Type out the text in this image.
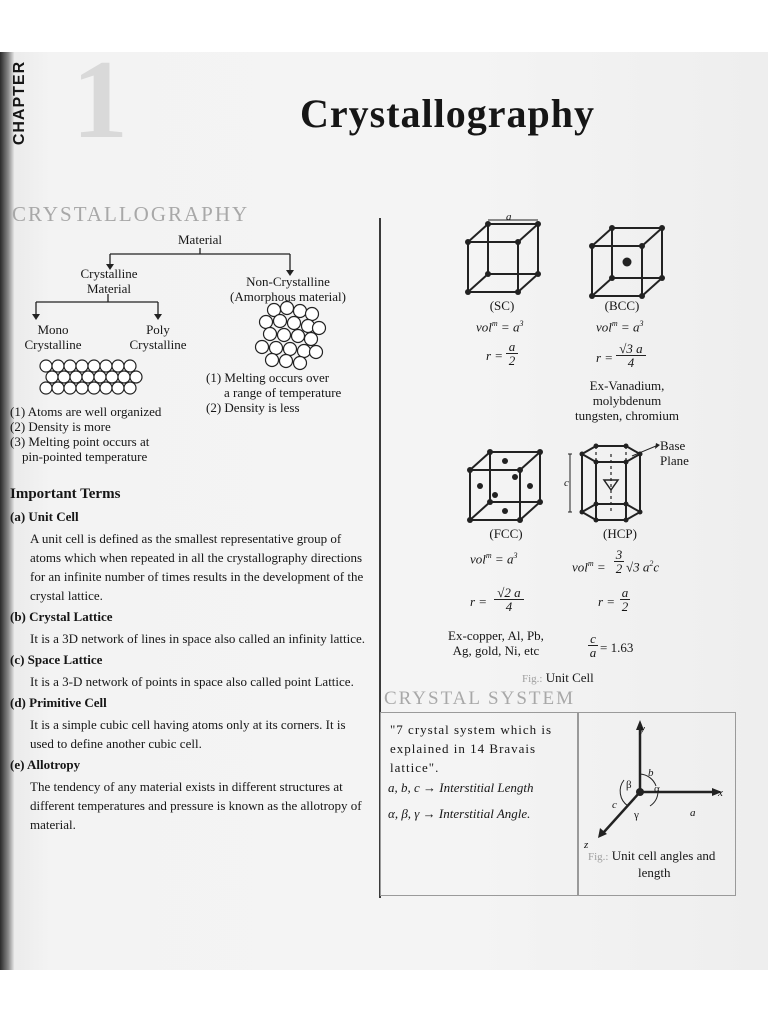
CHAPTER 1	Crystallography
CRYSTALLOGRAPHY
Material
Crystalline
Material	Non-Crystalline
(Amorphous material)
Mono
Crystalline
Poly
Crystalline
(1) Melting occurs over
a range of temperature
(2) Density is less
(1) Atoms are well organized
(2) Density is more
(3) Melting point occurs at
pin-pointed temperature
Important Terms
(a) Unit Cell
A unit cell is defined as the smallest representative group of atoms which when repeated in all the crystallography directions for an infinite number of times results in the development of the crystal lattice.
(b) Crystal Lattice
It is a 3D network of lines in space also called an infinity lattice.
(c) Space Lattice
It is a 3-D network of points in space also called point Lattice.
(d) Primitive Cell
It is a simple cubic cell having atoms only at its corners. It is used to define another cubic cell.
(e) Allotropy
The tendency of any material exists in different structures at different temperatures and pressure is known as the allotropy of material.
a
(SC)
$vol^m = a^3$
r =
a
2
(BCC)
$vol^m = a^3$
r =
√3 a
4
Ex-Vanadium,
molybdenum
tungsten, chromium
c
Base
Plane
(FCC)
$vol^m = a^3$
r =
√2 a
4
Ex-copper, Al, Pb,
Ag, gold, Ni, etc
(HCP)
vol$^m$ =
3
2 √3 $a^2c$
r =
a
2
c
a = 1.63
Fig.: Unit Cell
CRYSTAL SYSTEM
"7 crystal system which is
explained in 14 Bravais
lattice".
a, b, c → Interstitial Length
α, β, γ → Interstitial Angle.
y
x
z
b
a
c
α
β
γ
Fig.: Unit cell angles and
length
